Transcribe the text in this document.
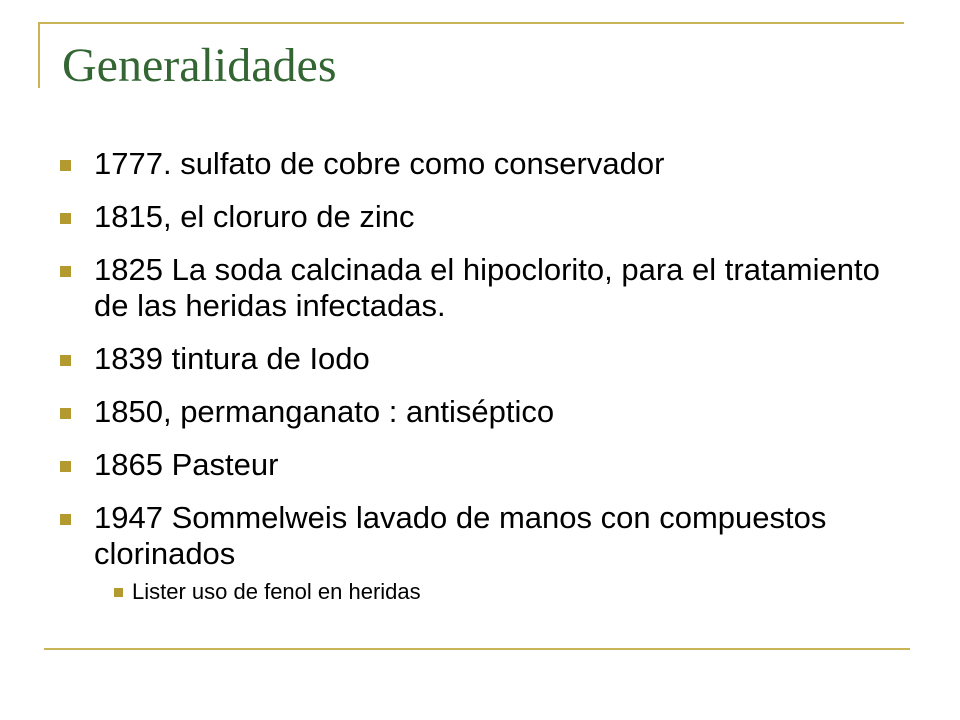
Generalidades
1777. sulfato de cobre como conservador
1815, el cloruro de zinc
1825 La soda calcinada el hipoclorito, para el tratamiento de las heridas infectadas.
1839 tintura de Iodo
1850, permanganato : antiséptico
1865 Pasteur
1947 Sommelweis lavado de manos con compuestos clorinados
Lister uso de fenol en heridas
